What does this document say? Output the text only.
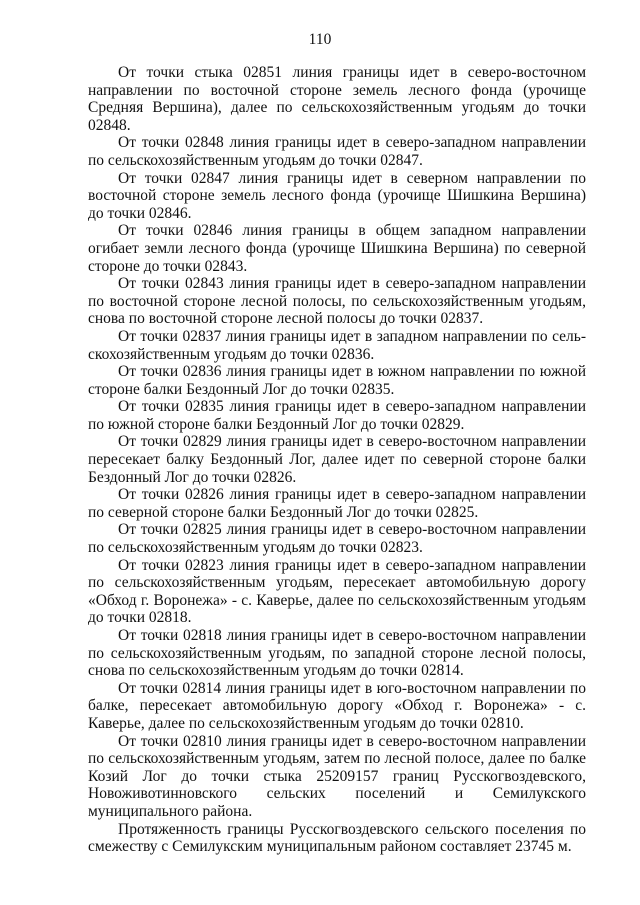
110

От точки стыка 02851 линия границы идет в северо-восточном направлении по восточной стороне земель лесного фонда (урочище Средняя Вершина), далее по сельскохозяйственным угодьям до точки 02848.

От точки 02848 линия границы идет в северо-западном направлении по сельскохозяйственным угодьям до точки 02847.

От точки 02847 линия границы идет в северном направлении по восточной стороне земель лесного фонда (урочище Шишкина Вершина) до точки 02846.

От точки 02846 линия границы в общем западном направлении огибает земли лесного фонда (урочище Шишкина Вершина) по северной стороне до точки 02843.

От точки 02843 линия границы идет в северо-западном направлении по восточной стороне лесной полосы, по сельскохозяйственным угодьям, снова по восточной стороне лесной полосы до точки 02837.

От точки 02837 линия границы идет в западном направлении по сельскохозяйственным угодьям до точки 02836.

От точки 02836 линия границы идет в южном направлении по южной стороне балки Бездонный Лог до точки 02835.

От точки 02835 линия границы идет в северо-западном направлении по южной стороне балки Бездонный Лог до точки 02829.

От точки 02829 линия границы идет в северо-восточном направлении пересекает балку Бездонный Лог, далее идет по северной стороне балки Бездонный Лог до точки 02826.

От точки 02826 линия границы идет в северо-западном направлении по северной стороне балки Бездонный Лог до точки 02825.

От точки 02825 линия границы идет в северо-восточном направлении по сельскохозяйственным угодьям до точки 02823.

От точки 02823 линия границы идет в северо-западном направлении по сельскохозяйственным угодьям, пересекает автомобильную дорогу «Обход г. Воронежа» - с. Каверье, далее по сельскохозяйственным угодьям до точки 02818.

От точки 02818 линия границы идет в северо-восточном направлении по сельскохозяйственным угодьям, по западной стороне лесной полосы, снова по сельскохозяйственным угодьям до точки 02814.

От точки 02814 линия границы идет в юго-восточном направлении по балке, пересекает автомобильную дорогу «Обход г. Воронежа» - с. Каверье, далее по сельскохозяйственным угодьям до точки 02810.

От точки 02810 линия границы идет в северо-восточном направлении по сельскохозяйственным угодьям, затем по лесной полосе, далее по балке Козий Лог до точки стыка 25209157 границ Русскогвоздевского, Новоживотинновского сельских поселений и Семилукского муниципального района.

Протяженность границы Русскогвоздевского сельского поселения по смежеству с Семилукским муниципальным районом составляет 23745 м.
